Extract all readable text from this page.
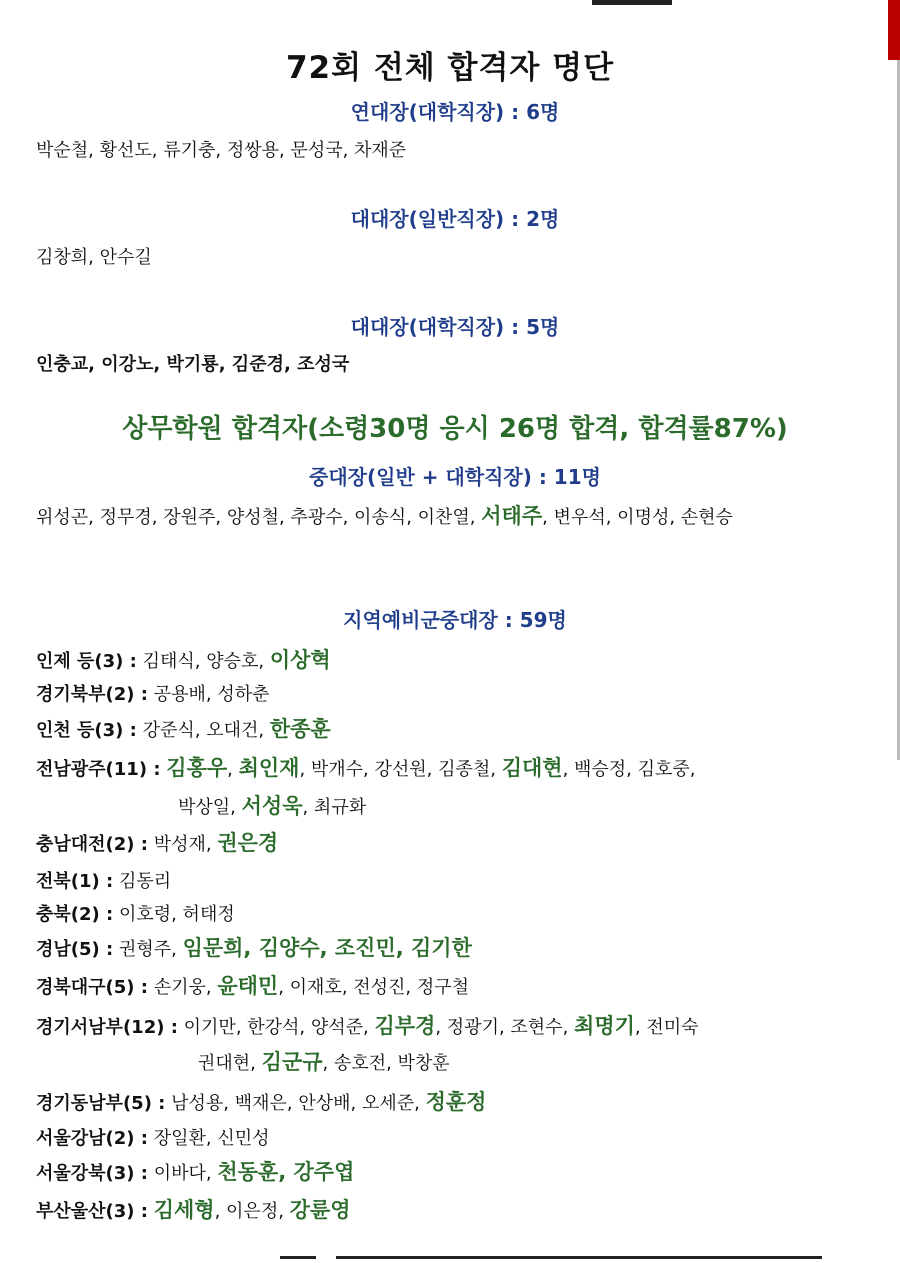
72회 전체 합격자 명단
연대장(대학직장) : 6명
박순철, 황선도, 류기충, 정쌍용, 문성국, 차재준
대대장(일반직장) : 2명
김창희, 안수길
대대장(대학직장) : 5명
인충교, 이강노, 박기룡, 김준경, 조성국
상무학원 합격자(소령30명 응시 26명 합격, 합격률87%)
중대장(일반 + 대학직장) : 11명
위성곤, 정무경, 장원주, 양성철, 추광수, 이송식, 이찬열, 서태주, 변우석, 이명성, 손현승
지역예비군중대장 : 59명
인제 등(3) : 김태식, 양승호, 이상혁
경기북부(2) : 공용배, 성하춘
인천 등(3) : 강준식, 오대건, 한종훈
전남광주(11) : 김홍우, 최인재, 박개수, 강선원, 김종철, 김대현, 백승정, 김호중,
박상일, 서성욱, 최규화
충남대전(2) : 박성재, 권은경
전북(1) : 김동리
충북(2) : 이호령, 허태정
경남(5) : 권형주, 임문희, 김양수, 조진민, 김기한
경북대구(5) : 손기웅, 윤태민, 이재호, 전성진, 정구철
경기서남부(12) : 이기만, 한강석, 양석준, 김부경, 정광기, 조현수, 최명기, 전미숙
권대현, 김군규, 송호전, 박창훈
경기동남부(5) : 남성용, 백재은, 안상배, 오세준, 정훈정
서울강남(2) : 장일환, 신민성
서울강북(3) : 이바다, 천동훈, 강주엽
부산울산(3) : 김세형, 이은정, 강륜영
